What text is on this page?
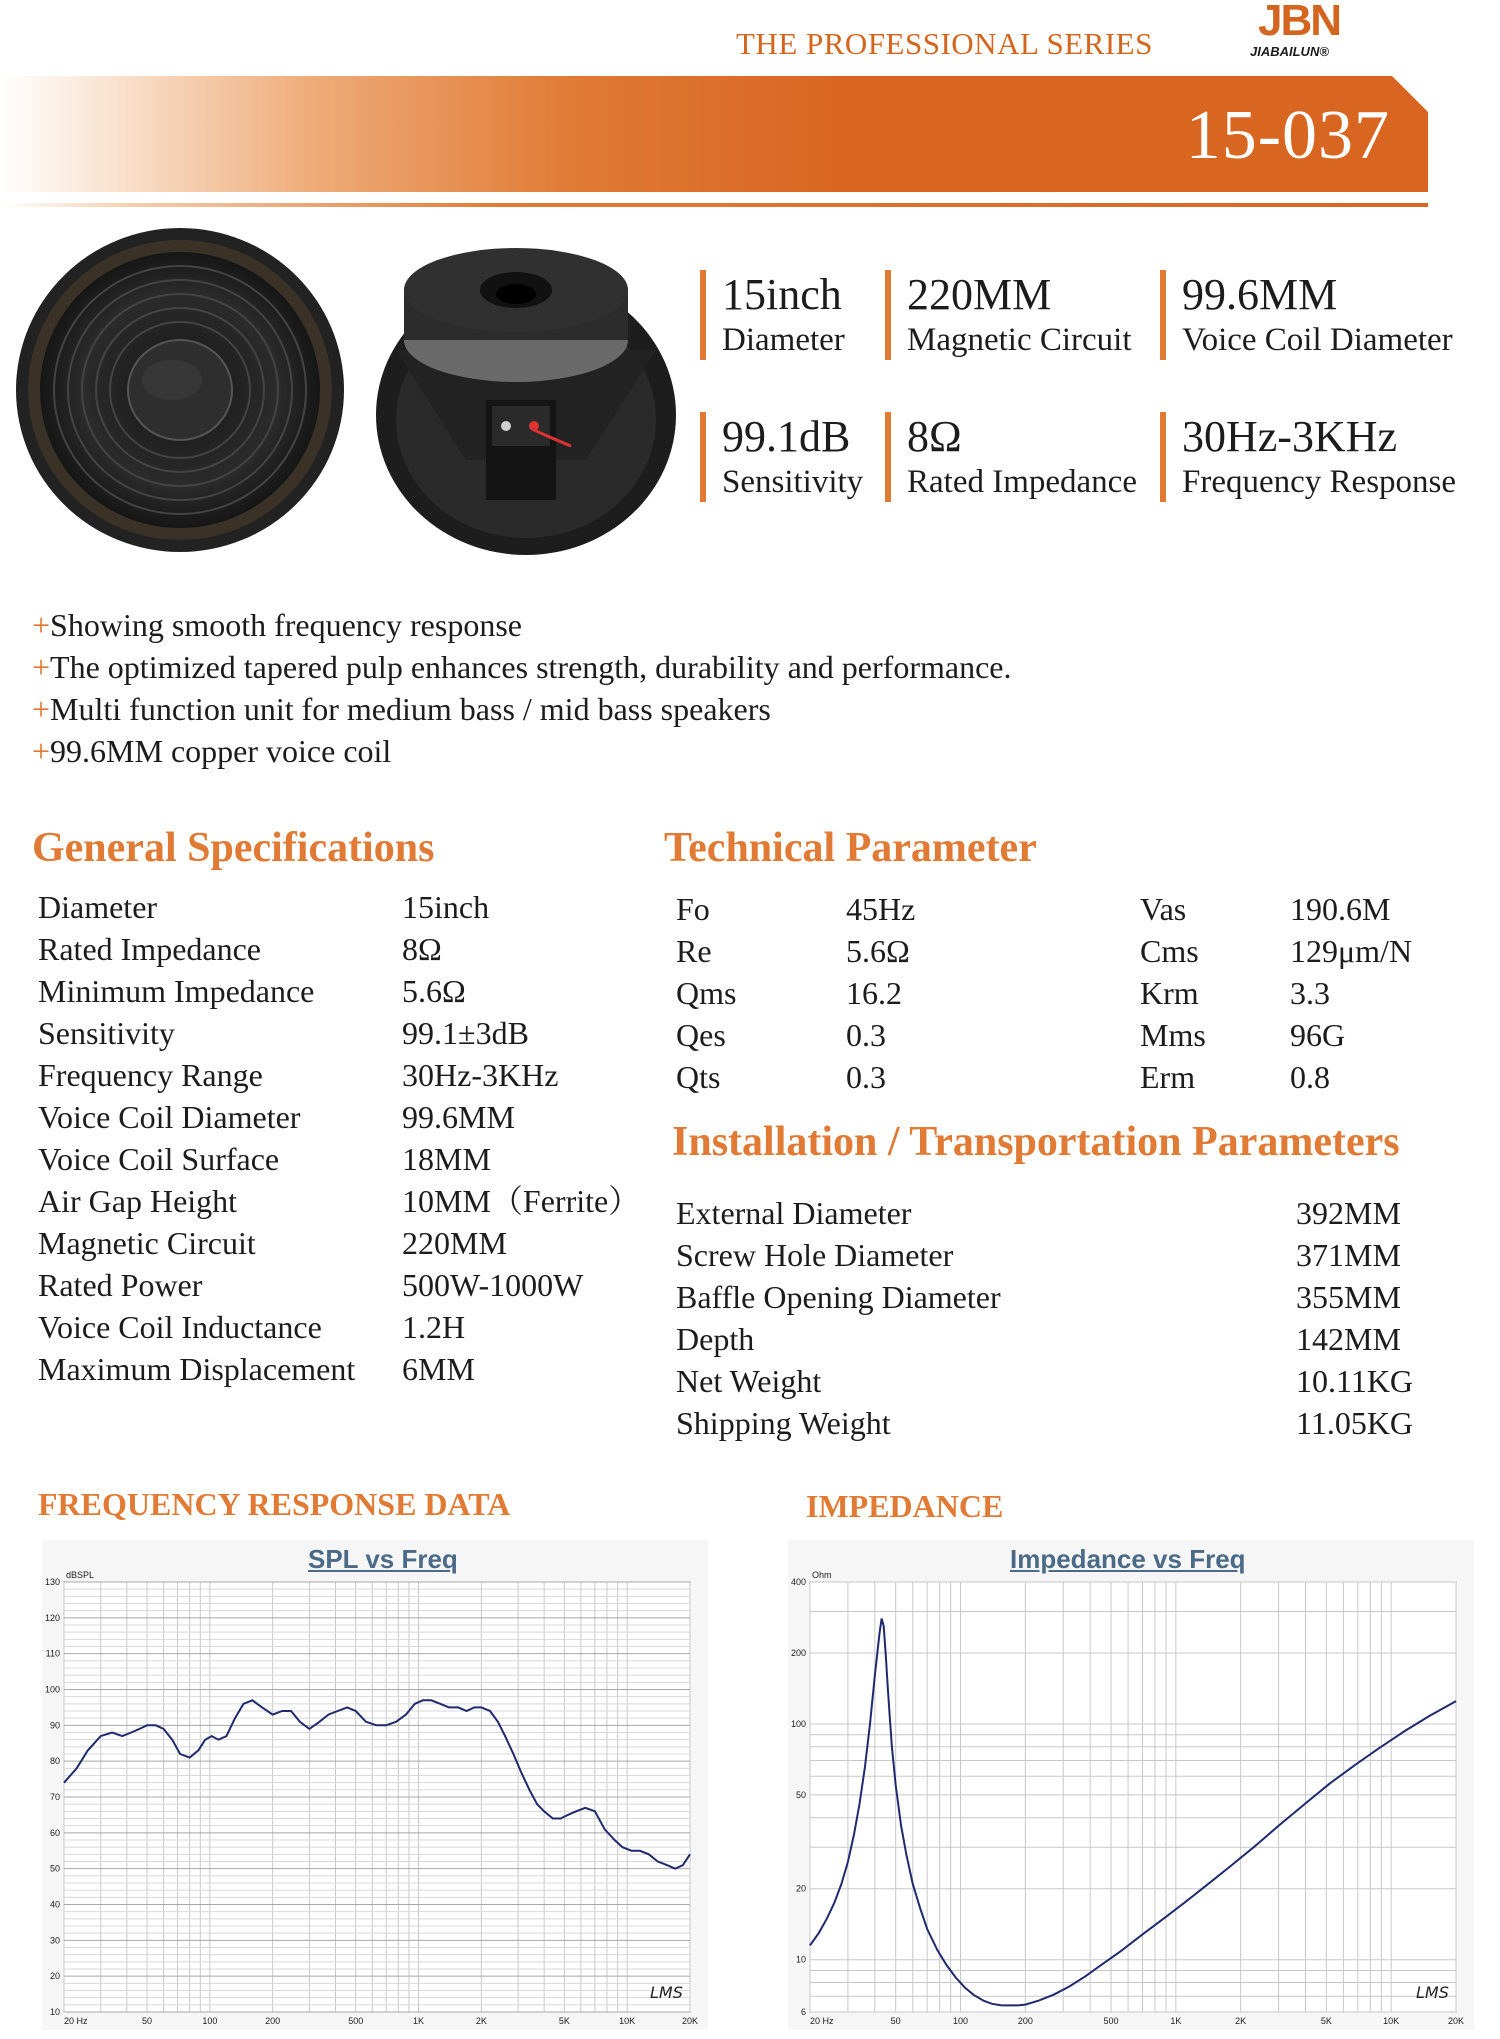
THE PROFESSIONAL SERIES JBN
JIABAILUN®
15-037
15inch
Diameter
220MM
Magnetic Circuit
99.6MM
Voice Coil Diameter
99.1dB
Sensitivity
8Ω
Rated Impedance
30Hz-3KHz
Frequency Response
+Showing smooth frequency response
+The optimized tapered pulp enhances strength, durability and performance.
+Multi function unit for medium bass / mid bass speakers
+99.6MM copper voice coil
General Specifications
Diameter	15inch
Rated Impedance	8Ω
Minimum Impedance	5.6Ω
Sensitivity	99.1±3dB
Frequency Range	30Hz-3KHz
Voice Coil Diameter	99.6MM
Voice Coil Surface	18MM
Air Gap Height	10MM（Ferrite）
Magnetic Circuit	220MM
Rated Power	500W-1000W
Voice Coil Inductance	1.2H
Maximum Displacement 6MM
Technical Parameter
Fo	45Hz	Vas	190.6M
Re	5.6Ω	Cms	129μm/N
Qms	16.2	Krm	3.3
Qes	0.3	Mms	96G
Qts	0.3	Erm	0.8
Installation / Transportation Parameters
External Diameter	392MM
Screw Hole Diameter	371MM
Baffle Opening Diameter	355MM
Depth	142MM
Net Weight	10.11KG
Shipping Weight	11.05KG
FREQUENCY RESPONSE DATA	IMPEDANCE
SPL vs Freq
10
20
30
40
50
60
70
80
90
100
110
120
130
20 Hz	50	100	200	500	1K	2K	5K	10K	20K
dBSPL
LMS
Impedance vs Freq
6
10
20
50
100
200
400
20 Hz	50	100	200	500	1K	2K	5K	10K	20K
Ohm
LMS
